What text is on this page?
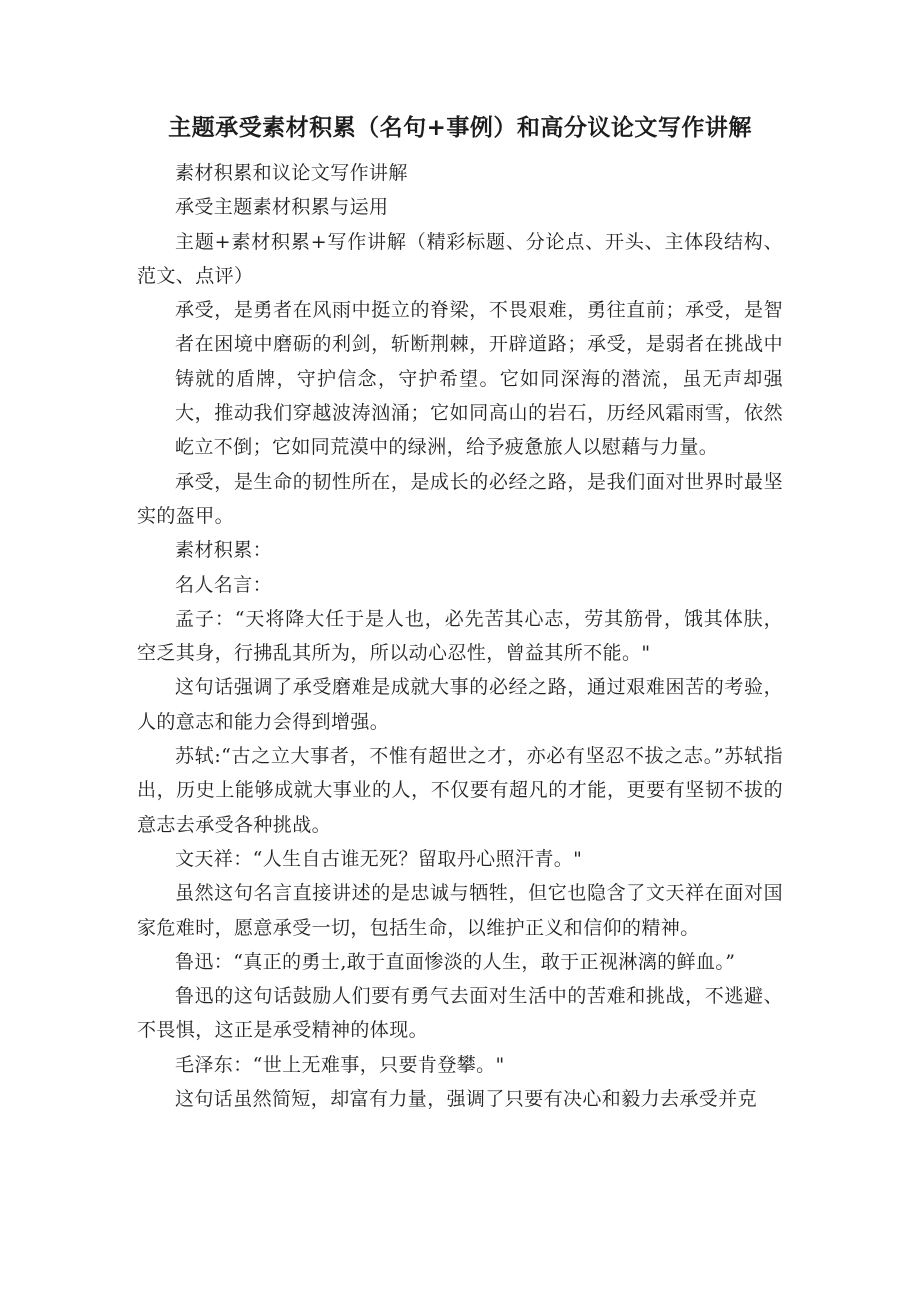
主题承受素材积累（名句+事例）和高分议论文写作讲解

素材积累和议论文写作讲解

承受主题素材积累与运用

主题+素材积累+写作讲解（精彩标题、分论点、开头、主体段结构、范文、点评）

承受，是勇者在风雨中挺立的脊梁，不畏艰难，勇往直前；承受，是智者在困境中磨砺的利剑，斩断荆棘，开辟道路；承受，是弱者在挑战中铸就的盾牌，守护信念，守护希望。它如同深海的潜流，虽无声却强大，推动我们穿越波涛汹涌；它如同高山的岩石，历经风霜雨雪，依然屹立不倒；它如同荒漠中的绿洲，给予疲惫旅人以慰藉与力量。

承受，是生命的韧性所在，是成长的必经之路，是我们面对世界时最坚实的盔甲。

素材积累：

名人名言：

孟子：“天将降大任于是人也，必先苦其心志，劳其筋骨，饿其体肤，空乏其身，行拂乱其所为，所以动心忍性，曾益其所不能。"

这句话强调了承受磨难是成就大事的必经之路，通过艰难困苦的考验，人的意志和能力会得到增强。

苏轼:“古之立大事者，不惟有超世之才，亦必有坚忍不拔之志。”苏轼指出，历史上能够成就大事业的人，不仅要有超凡的才能，更要有坚韧不拔的意志去承受各种挑战。

文天祥：“人生自古谁无死？留取丹心照汗青。"

虽然这句名言直接讲述的是忠诚与牺牲，但它也隐含了文天祥在面对国家危难时，愿意承受一切，包括生命，以维护正义和信仰的精神。

鲁迅：“真正的勇士,敢于直面惨淡的人生，敢于正视淋漓的鲜血。”

鲁迅的这句话鼓励人们要有勇气去面对生活中的苦难和挑战，不逃避、不畏惧，这正是承受精神的体现。

毛泽东：“世上无难事，只要肯登攀。"

这句话虽然简短，却富有力量，强调了只要有决心和毅力去承受并克
